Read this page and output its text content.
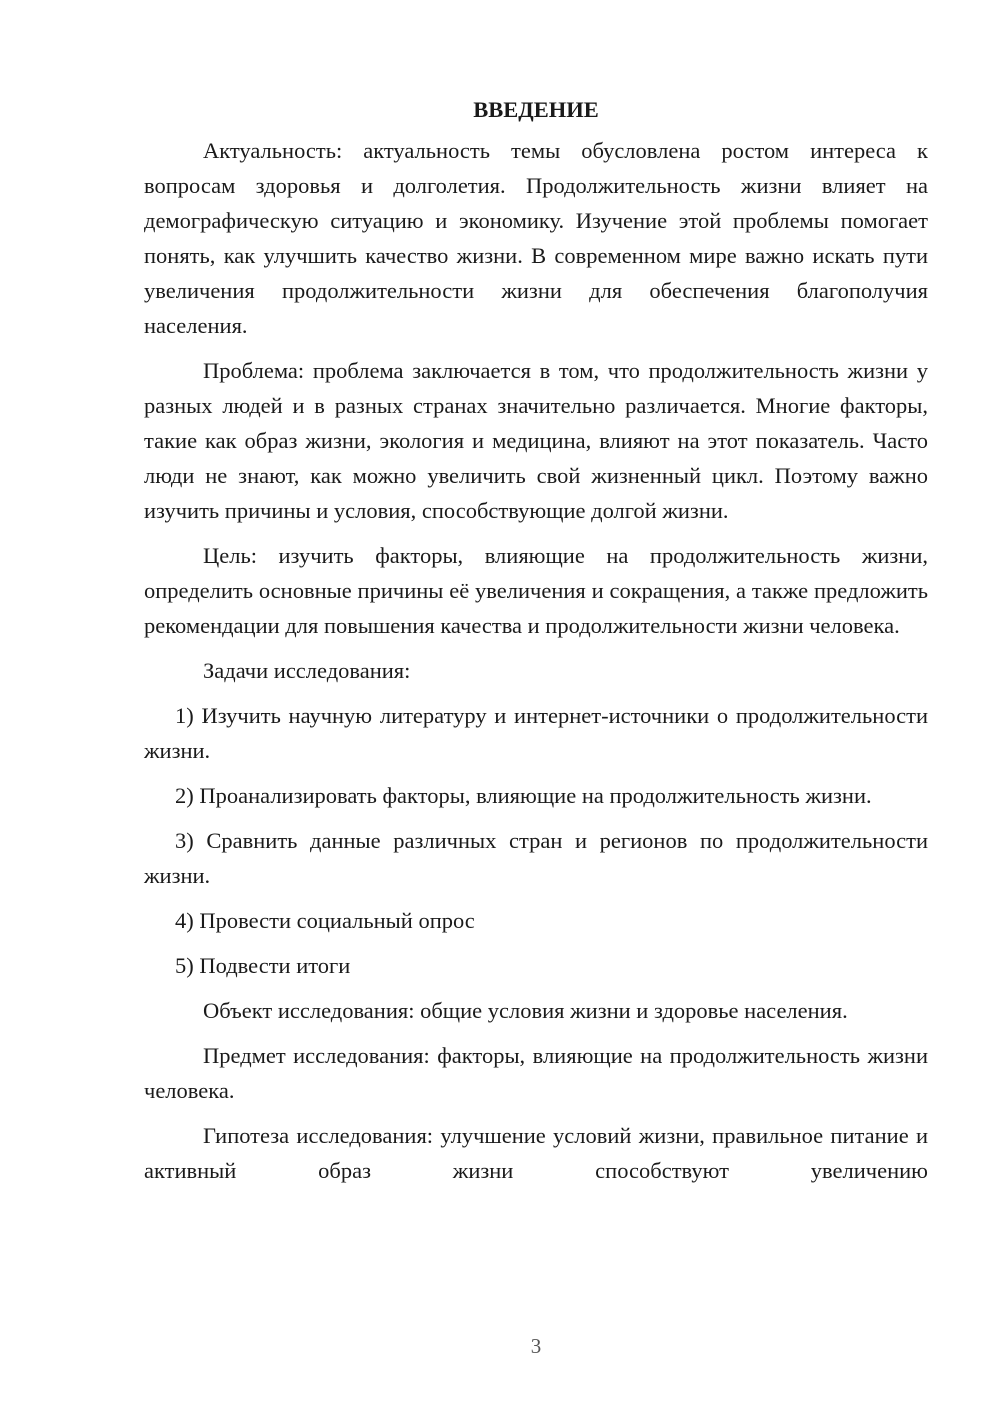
ВВЕДЕНИЕ

Актуальность: актуальность темы обусловлена ростом интереса к вопросам здоровья и долголетия. Продолжительность жизни влияет на демографическую ситуацию и экономику. Изучение этой проблемы помогает понять, как улучшить качество жизни. В современном мире важно искать пути увеличения продолжительности жизни для обеспечения благополучия населения.

Проблема: проблема заключается в том, что продолжительность жизни у разных людей и в разных странах значительно различается. Многие факторы, такие как образ жизни, экология и медицина, влияют на этот показатель. Часто люди не знают, как можно увеличить свой жизненный цикл. Поэтому важно изучить причины и условия, способствующие долгой жизни.

Цель: изучить факторы, влияющие на продолжительность жизни, определить основные причины её увеличения и сокращения, а также предложить рекомендации для повышения качества и продолжительности жизни человека.

Задачи исследования:

1) Изучить научную литературу и интернет-источники о продолжительности жизни.

2) Проанализировать факторы, влияющие на продолжительность жизни.

3) Сравнить данные различных стран и регионов по продолжительности жизни.

4) Провести социальный опрос

5) Подвести итоги

Объект исследования: общие условия жизни и здоровье населения.

Предмет исследования: факторы, влияющие на продолжительность жизни человека.

Гипотеза исследования: улучшение условий жизни, правильное питание и активный образ жизни способствуют увеличению

3
